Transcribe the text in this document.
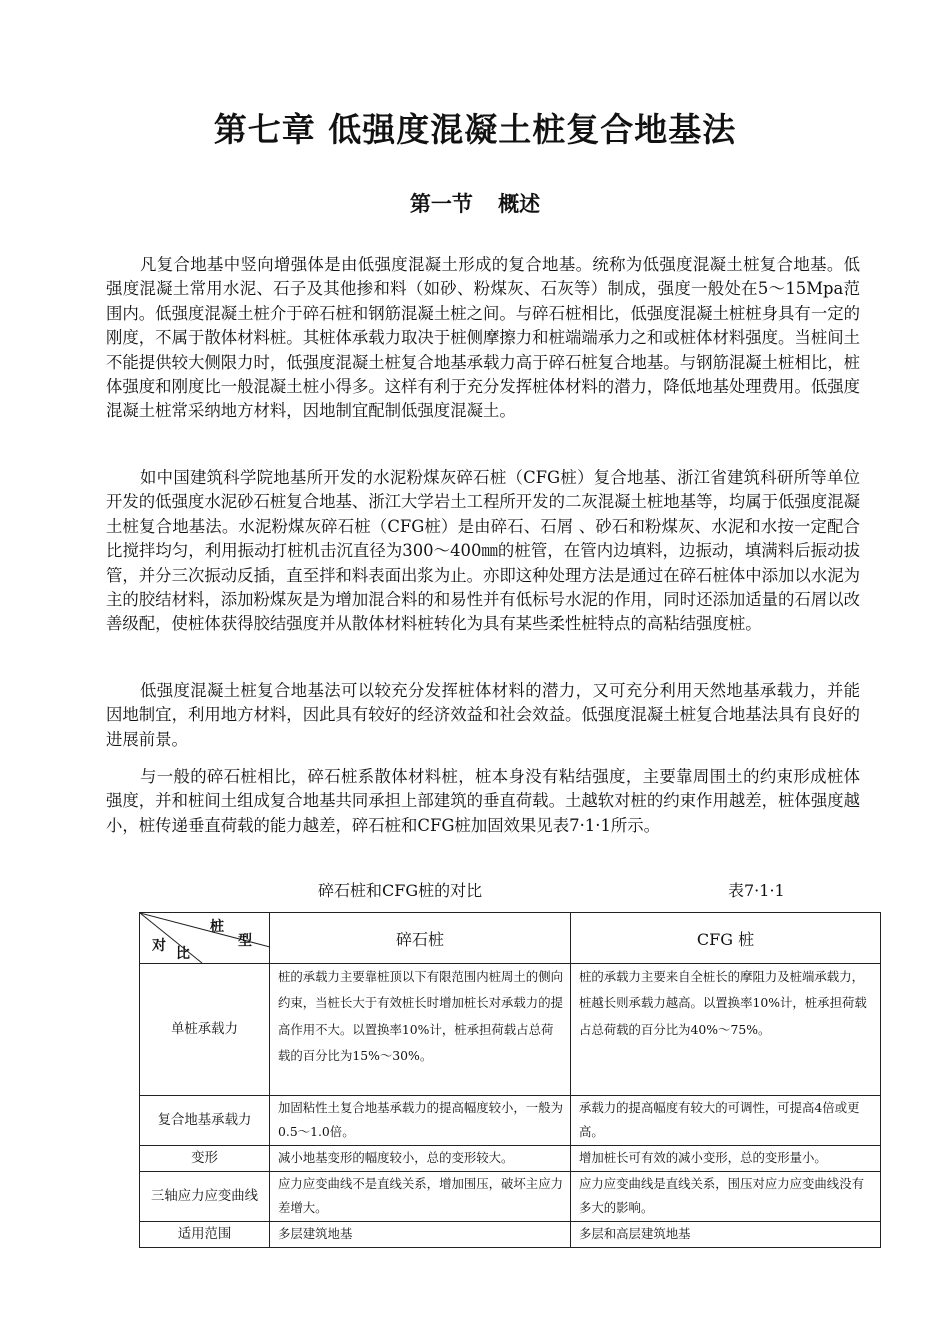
第七章 低强度混凝土桩复合地基法
第一节 概述

凡复合地基中竖向增强体是由低强度混凝土形成的复合地基。统称为低强度混凝土桩复合地基。低强度混凝土常用水泥、石子及其他掺和料（如砂、粉煤灰、石灰等）制成，强度一般处在5～15Mpa范围内。低强度混凝土桩介于碎石桩和钢筋混凝土桩之间。与碎石桩相比，低强度混凝土桩桩身具有一定的刚度，不属于散体材料桩。其桩体承载力取决于桩侧摩擦力和桩端端承力之和或桩体材料强度。当桩间土不能提供较大侧限力时，低强度混凝土桩复合地基承载力高于碎石桩复合地基。与钢筋混凝土桩相比，桩体强度和刚度比一般混凝土桩小得多。这样有利于充分发挥桩体材料的潜力，降低地基处理费用。低强度混凝土桩常采纳地方材料，因地制宜配制低强度混凝土。

如中国建筑科学院地基所开发的水泥粉煤灰碎石桩（CFG桩）复合地基、浙江省建筑科研所等单位开发的低强度水泥砂石桩复合地基、浙江大学岩土工程所开发的二灰混凝土桩地基等，均属于低强度混凝土桩复合地基法。水泥粉煤灰碎石桩（CFG桩）是由碎石、石屑 、砂石和粉煤灰、水泥和水按一定配合比搅拌均匀，利用振动打桩机击沉直径为300～400㎜的桩管，在管内边填料，边振动，填满料后振动拔管，并分三次振动反插，直至拌和料表面出浆为止。亦即这种处理方法是通过在碎石桩体中添加以水泥为主的胶结材料，添加粉煤灰是为增加混合料的和易性并有低标号水泥的作用，同时还添加适量的石屑以改善级配，使桩体获得胶结强度并从散体材料桩转化为具有某些柔性桩特点的高粘结强度桩。

低强度混凝土桩复合地基法可以较充分发挥桩体材料的潜力，又可充分利用天然地基承载力，并能因地制宜，利用地方材料，因此具有较好的经济效益和社会效益。低强度混凝土桩复合地基法具有良好的进展前景。

与一般的碎石桩相比，碎石桩系散体材料桩，桩本身没有粘结强度，主要靠周围土的约束形成桩体强度，并和桩间土组成复合地基共同承担上部建筑的垂直荷载。土越软对桩的约束作用越差，桩体强度越小，桩传递垂直荷载的能力越差，碎石桩和CFG桩加固效果见表7·1·1所示。

碎石桩和CFG桩的对比	表7·1·1
桩
型
对 比	碎石桩	CFG 桩
单桩承载力	桩的承载力主要靠桩顶以下有限范围内桩周土的侧向约束，当桩长大于有效桩长时增加桩长对承载力的提高作用不大。以置换率10%计，桩承担荷载占总荷载的百分比为15%～30%。	桩的承载力主要来自全桩长的摩阻力及桩端承载力，桩越长则承载力越高。以置换率10%计，桩承担荷载占总荷载的百分比为40%～75%。
复合地基承载力	加固粘性土复合地基承载力的提高幅度较小，一般为0.5～1.0倍。	承载力的提高幅度有较大的可调性，可提高4倍或更高。
变形	减小地基变形的幅度较小，总的变形较大。	增加桩长可有效的减小变形，总的变形量小。
三轴应力应变曲线	应力应变曲线不是直线关系，增加围压，破坏主应力差增大。	应力应变曲线是直线关系，围压对应力应变曲线没有多大的影响。
适用范围	多层建筑地基	多层和高层建筑地基
